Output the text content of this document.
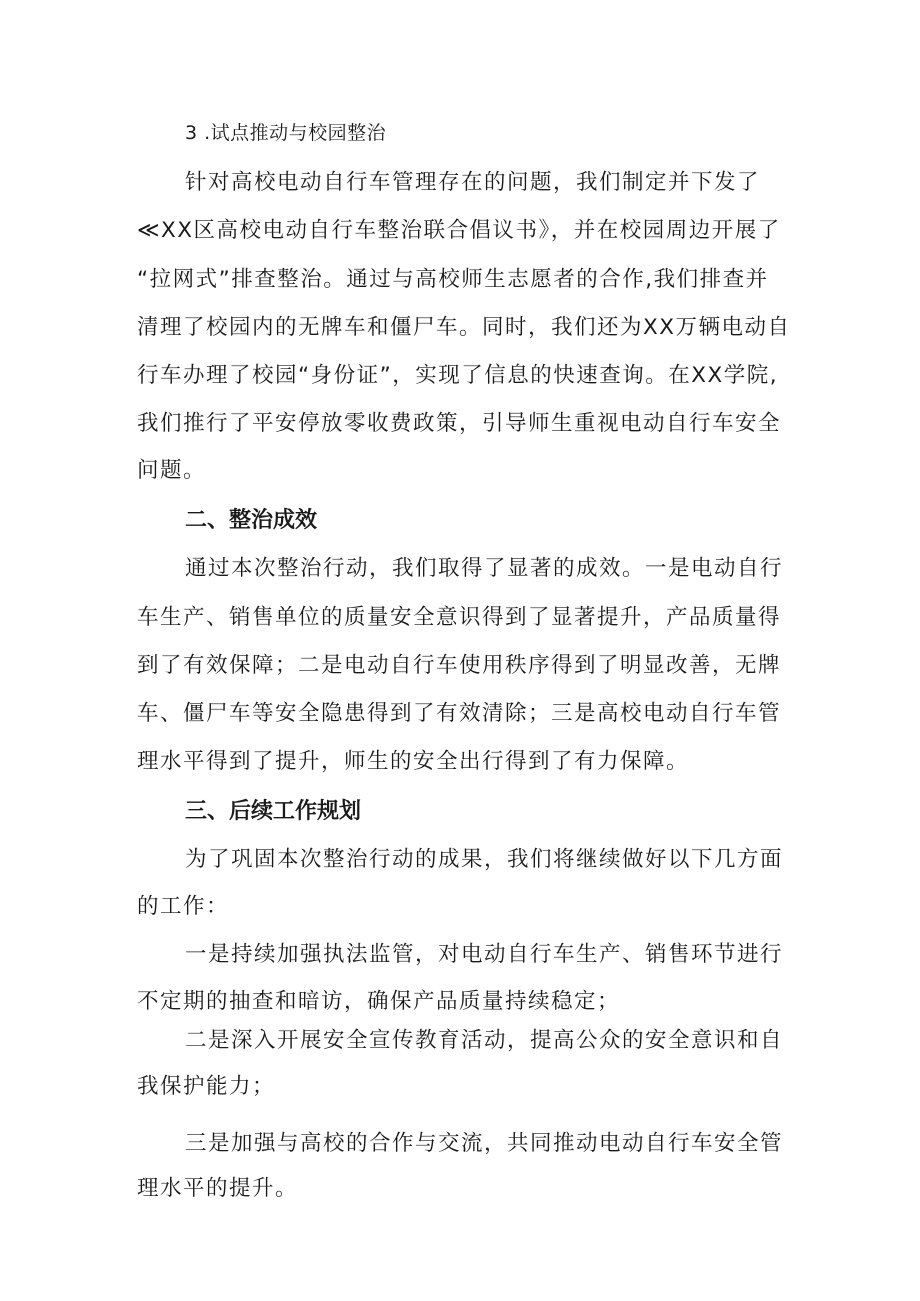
3 .试点推动与校园整治
针对高校电动自行车管理存在的问题，我们制定并下发了
≪XX区高校电动自行车整治联合倡议书》，并在校园周边开展了
“拉网式”排查整治。通过与高校师生志愿者的合作,我们排查并
清理了校园内的无牌车和僵尸车。同时，我们还为XX万辆电动自
行车办理了校园“身份证”，实现了信息的快速查询。在XX学院,
我们推行了平安停放零收费政策，引导师生重视电动自行车安全
问题。
二、整治成效
通过本次整治行动，我们取得了显著的成效。一是电动自行
车生产、销售单位的质量安全意识得到了显著提升，产品质量得
到了有效保障；二是电动自行车使用秩序得到了明显改善，无牌
车、僵尸车等安全隐患得到了有效清除；三是高校电动自行车管
理水平得到了提升，师生的安全出行得到了有力保障。
三、后续工作规划
为了巩固本次整治行动的成果，我们将继续做好以下几方面
的工作：
一是持续加强执法监管，对电动自行车生产、销售环节进行
不定期的抽查和暗访，确保产品质量持续稳定；
二是深入开展安全宣传教育活动，提高公众的安全意识和自
我保护能力；
三是加强与高校的合作与交流，共同推动电动自行车安全管
理水平的提升。
